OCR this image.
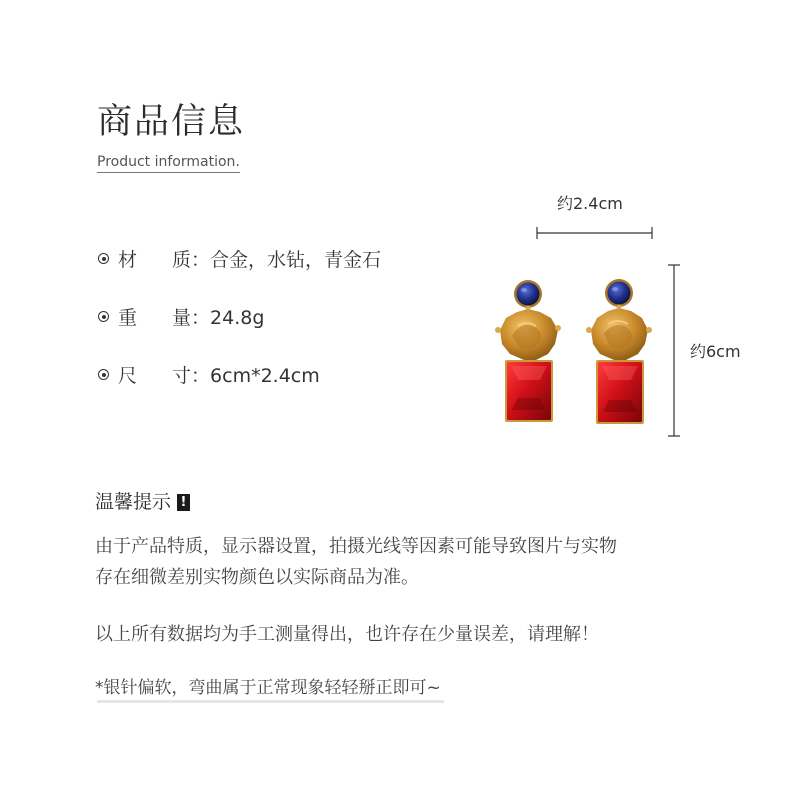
商品信息
Product information.
材 质：合金，水钻，青金石
重 量：24.8g
尺 寸：6cm*2.4cm
约2.4cm
约6cm
温馨提示 !
由于产品特质，显示器设置，拍摄光线等因素可能导致图片与实物
存在细微差别实物颜色以实际商品为准。
以上所有数据均为手工测量得出，也许存在少量误差，请理解！
*银针偏软，弯曲属于正常现象轻轻掰正即可~
